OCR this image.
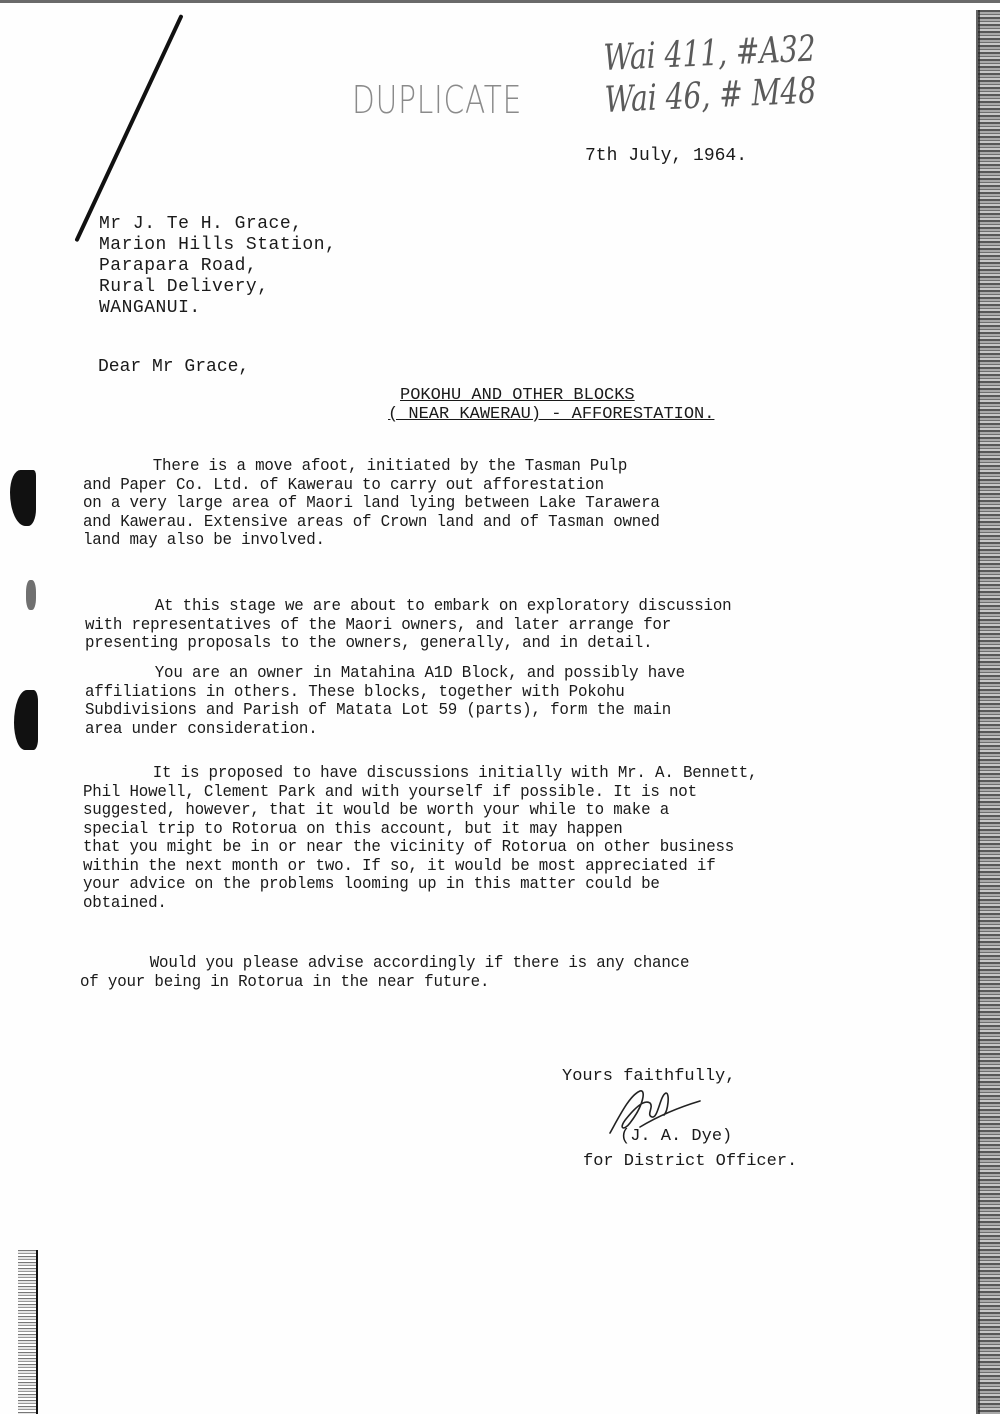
DUPLICATE
Wai 411, #A32
Wai 46, # M48
7th July, 1964.
Mr J. Te H. Grace,
Marion Hills Station,
Parapara Road,
Rural Delivery,
WANGANUI.
Dear Mr Grace,
POKOHU AND OTHER BLOCKS
( NEAR KAWERAU) - AFFORESTATION.
There is a move afoot, initiated by the Tasman Pulp
and Paper Co. Ltd. of Kawerau to carry out afforestation
on a very large area of Maori land lying between Lake Tarawera
and Kawerau. Extensive areas of Crown land and of Tasman owned
land may also be involved.
At this stage we are about to embark on exploratory discussion
with representatives of the Maori owners, and later arrange for
presenting proposals to the owners, generally, and in detail.
You are an owner in Matahina A1D Block, and possibly have
affiliations in others. These blocks, together with Pokohu
Subdivisions and Parish of Matata Lot 59 (parts), form the main
area under consideration.
It is proposed to have discussions initially with Mr. A. Bennett,
Phil Howell, Clement Park and with yourself if possible. It is not
suggested, however, that it would be worth your while to make a
special trip to Rotorua on this account, but it may happen
that you might be in or near the vicinity of Rotorua on other business
within the next month or two. If so, it would be most appreciated if
your advice on the problems looming up in this matter could be
obtained.
Would you please advise accordingly if there is any chance
of your being in Rotorua in the near future.
Yours faithfully,
(J. A. Dye)
for District Officer.
